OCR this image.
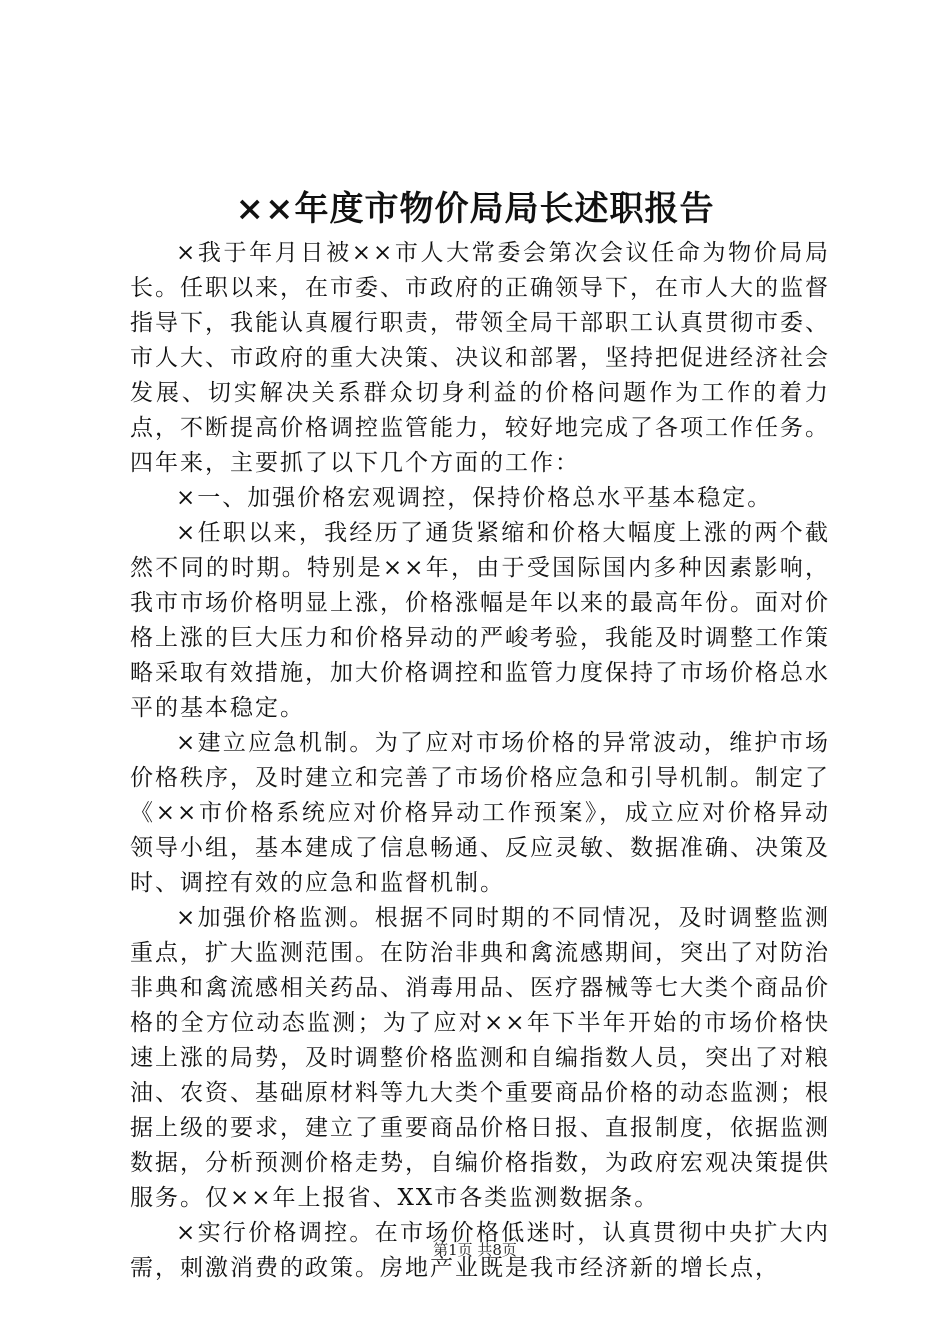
××年度市物价局局长述职报告

×我于年月日被××市人大常委会第次会议任命为物价局局长。任职以来，在市委、市政府的正确领导下，在市人大的监督指导下，我能认真履行职责，带领全局干部职工认真贯彻市委、市人大、市政府的重大决策、决议和部署，坚持把促进经济社会发展、切实解决关系群众切身利益的价格问题作为工作的着力点，不断提高价格调控监管能力，较好地完成了各项工作任务。四年来，主要抓了以下几个方面的工作：

×一、加强价格宏观调控，保持价格总水平基本稳定。

×任职以来，我经历了通货紧缩和价格大幅度上涨的两个截然不同的时期。特别是××年，由于受国际国内多种因素影响，我市市场价格明显上涨，价格涨幅是年以来的最高年份。面对价格上涨的巨大压力和价格异动的严峻考验，我能及时调整工作策略采取有效措施，加大价格调控和监管力度保持了市场价格总水平的基本稳定。

×建立应急机制。为了应对市场价格的异常波动，维护市场价格秩序，及时建立和完善了市场价格应急和引导机制。制定了《××市价格系统应对价格异动工作预案》，成立应对价格异动领导小组，基本建成了信息畅通、反应灵敏、数据准确、决策及时、调控有效的应急和监督机制。

×加强价格监测。根据不同时期的不同情况，及时调整监测重点，扩大监测范围。在防治非典和禽流感期间，突出了对防治非典和禽流感相关药品、消毒用品、医疗器械等七大类个商品价格的全方位动态监测；为了应对××年下半年开始的市场价格快速上涨的局势，及时调整价格监测和自编指数人员，突出了对粮油、农资、基础原材料等九大类个重要商品价格的动态监测；根据上级的要求，建立了重要商品价格日报、直报制度，依据监测数据，分析预测价格走势，自编价格指数，为政府宏观决策提供服务。仅××年上报省、XX市各类监测数据条。

×实行价格调控。在市场价格低迷时，认真贯彻中央扩大内需，刺激消费的政策。房地产业既是我市经济新的增长点，

第1页 共8页
